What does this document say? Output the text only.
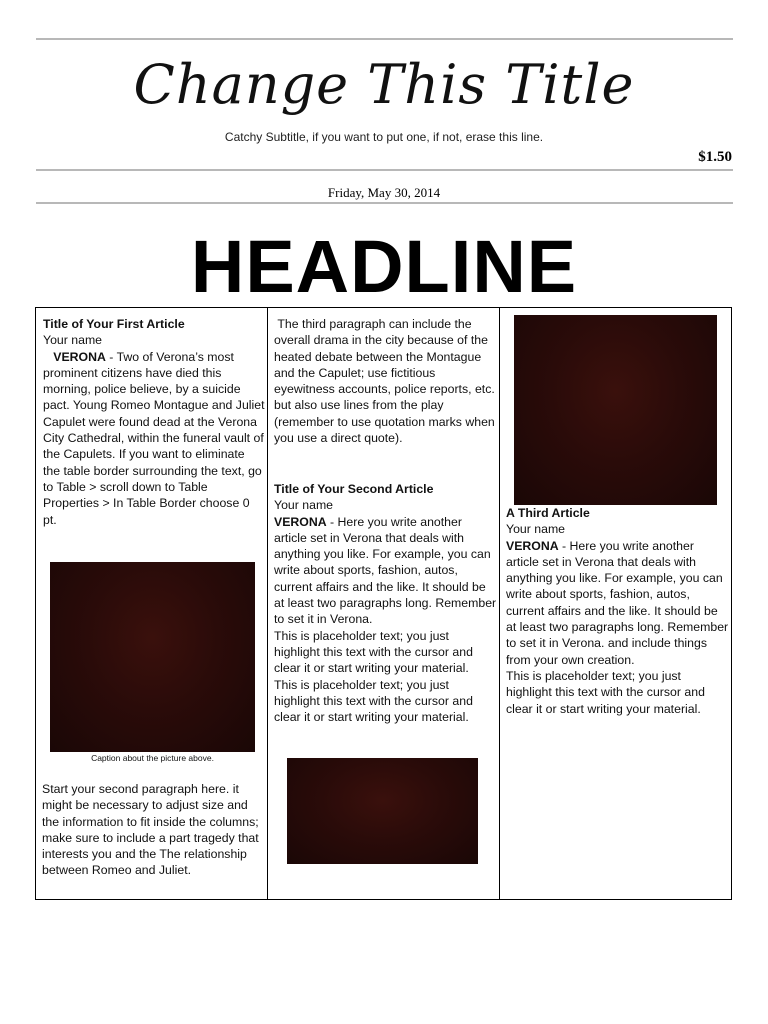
Change This Title
Catchy Subtitle, if you want to put one, if not, erase this line.
$1.50
Friday, May 30, 2014
HEADLINE

Title of Your First Article

Your name

VERONA - Two of Verona’s most prominent citizens have died this morning, police believe, by a suicide pact. Young Romeo Montague and Juliet Capulet were found dead at the Verona City Cathedral, within the funeral vault of the Capulets. If you want to eliminate the table border surrounding the text, go to Table > scroll down to Table Properties > In Table Border choose 0 pt.

Caption about the picture above.
Start your second paragraph here. it might be necessary to adjust size and the information to fit inside the columns; make sure to include a part tragedy that interests you and the The relationship between Romeo and Juliet.

The third paragraph can include the overall drama in the city because of the heated debate between the Montague and the Capulet; use fictitious eyewitness accounts, police reports, etc. but also use lines from the play (remember to use quotation marks when you use a direct quote).

Title of Your Second Article

Your name

VERONA - Here you write another article set in Verona that deals with anything you like. For example, you can write about sports, fashion, autos, current affairs and the like. It should be at least two paragraphs long. Remember to set it in Verona.

This is placeholder text; you just highlight this text with the cursor and clear it or start writing your material.

This is placeholder text; you just highlight this text with the cursor and clear it or start writing your material.

A Third Article

Your name

VERONA - Here you write another article set in Verona that deals with anything you like. For example, you can write about sports, fashion, autos, current affairs and the like. It should be at least two paragraphs long. Remember to set it in Verona. and include things from your own creation.

This is placeholder text; you just highlight this text with the cursor and clear it or start writing your material.
